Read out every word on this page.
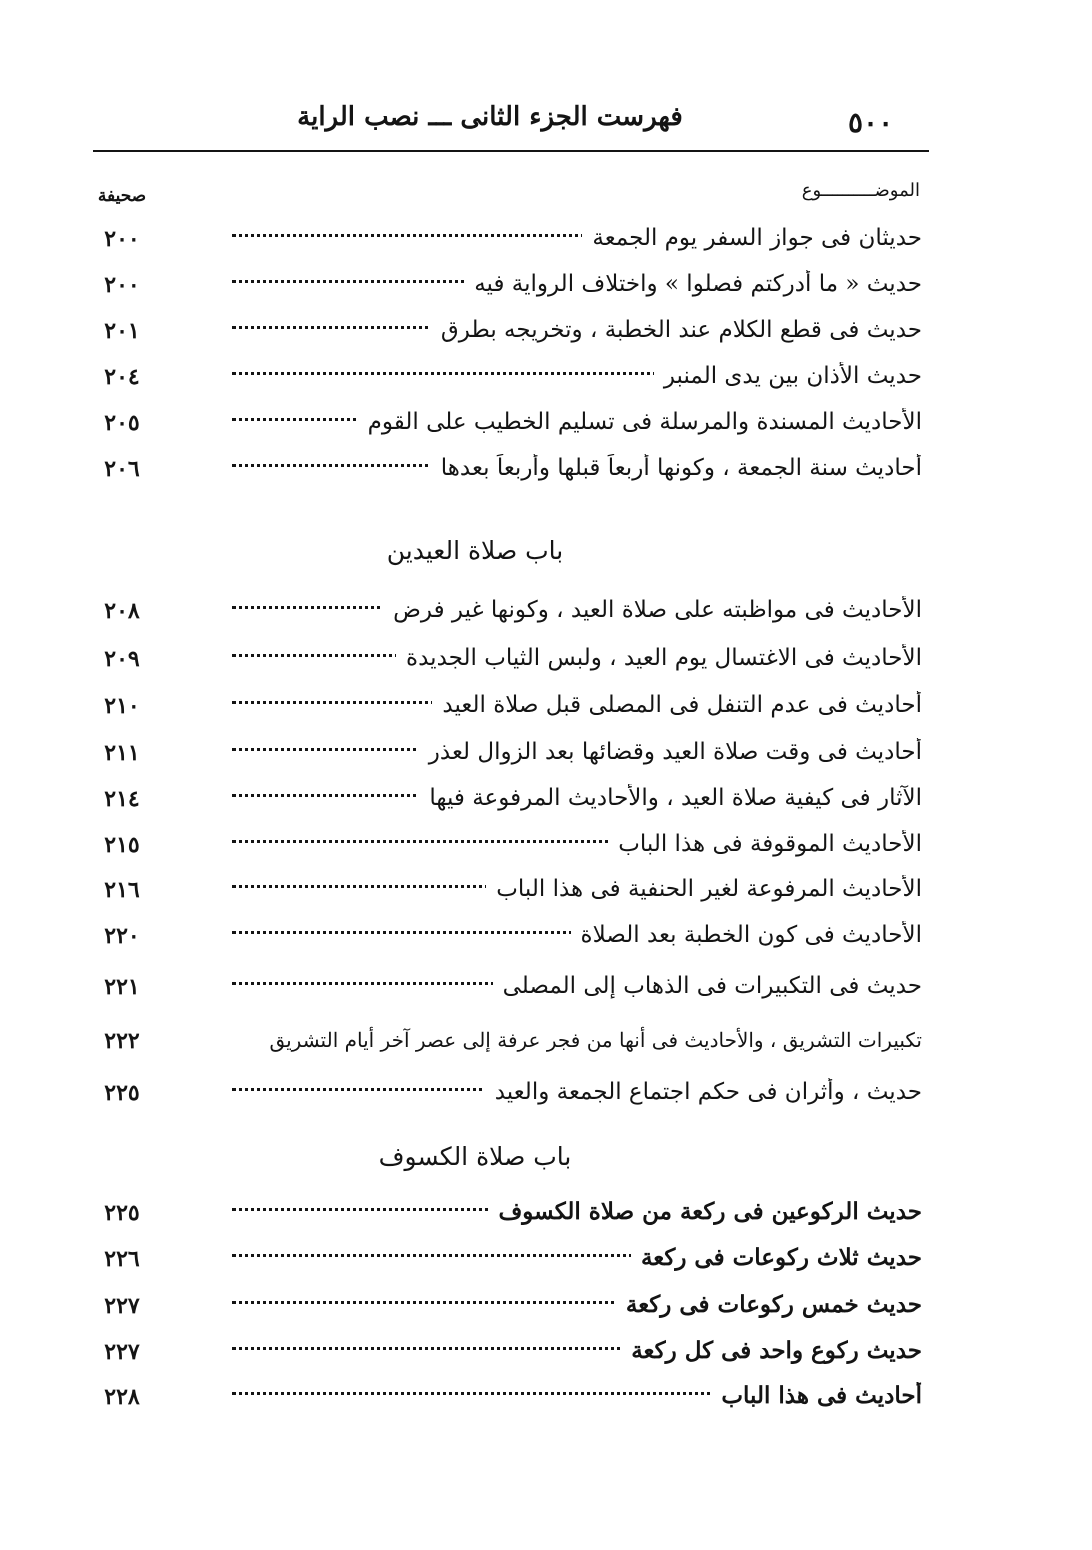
٥٠٠
فهرست الجزء الثانى ـــ نصب الراية
صحيفة	الموضــــــــــوع
حديثان فى جواز السفر يوم الجمعة
٢٠٠
حديث « ما أدركتم فصلوا » واختلاف الرواية فيه
٢٠٠
حديث فى قطع الكلام عند الخطبة ، وتخريجه بطرق
٢٠١
حديث الأذان بين يدى المنبر
٢٠٤
الأحاديث المسندة والمرسلة فى تسليم الخطيب على القوم
٢٠٥
أحاديث سنة الجمعة ، وكونها أربعاً قبلها وأربعاً بعدها
٢٠٦
باب صلاة العيدين
الأحاديث فى مواظبته على صلاة العيد ، وكونها غير فرض
٢٠٨
الأحاديث فى الاغتسال يوم العيد ، ولبس الثياب الجديدة
٢٠٩
أحاديث فى عدم التنفل فى المصلى قبل صلاة العيد
٢١٠
أحاديث فى وقت صلاة العيد وقضائها بعد الزوال لعذر
٢١١
الآثار فى كيفية صلاة العيد ، والأحاديث المرفوعة فيها
٢١٤
الأحاديث الموقوفة فى هذا الباب
٢١٥
الأحاديث المرفوعة لغير الحنفية فى هذا الباب
٢١٦
الأحاديث فى كون الخطبة بعد الصلاة
٢٢٠
حديث فى التكبيرات فى الذهاب إلى المصلى
٢٢١
تكبيرات التشريق ، والأحاديث فى أنها من فجر عرفة إلى عصر آخر أيام التشريق
٢٢٢
حديث ، وأثران فى حكم اجتماع الجمعة والعيد
٢٢٥
باب صلاة الكسوف
حديث الركوعين فى ركعة من صلاة الكسوف
٢٢٥
حديث ثلاث ركوعات فى ركعة
٢٢٦
حديث خمس ركوعات فى ركعة
٢٢٧
حديث ركوع واحد فى كل ركعة
٢٢٧
أحاديث فى هذا الباب
٢٢٨
